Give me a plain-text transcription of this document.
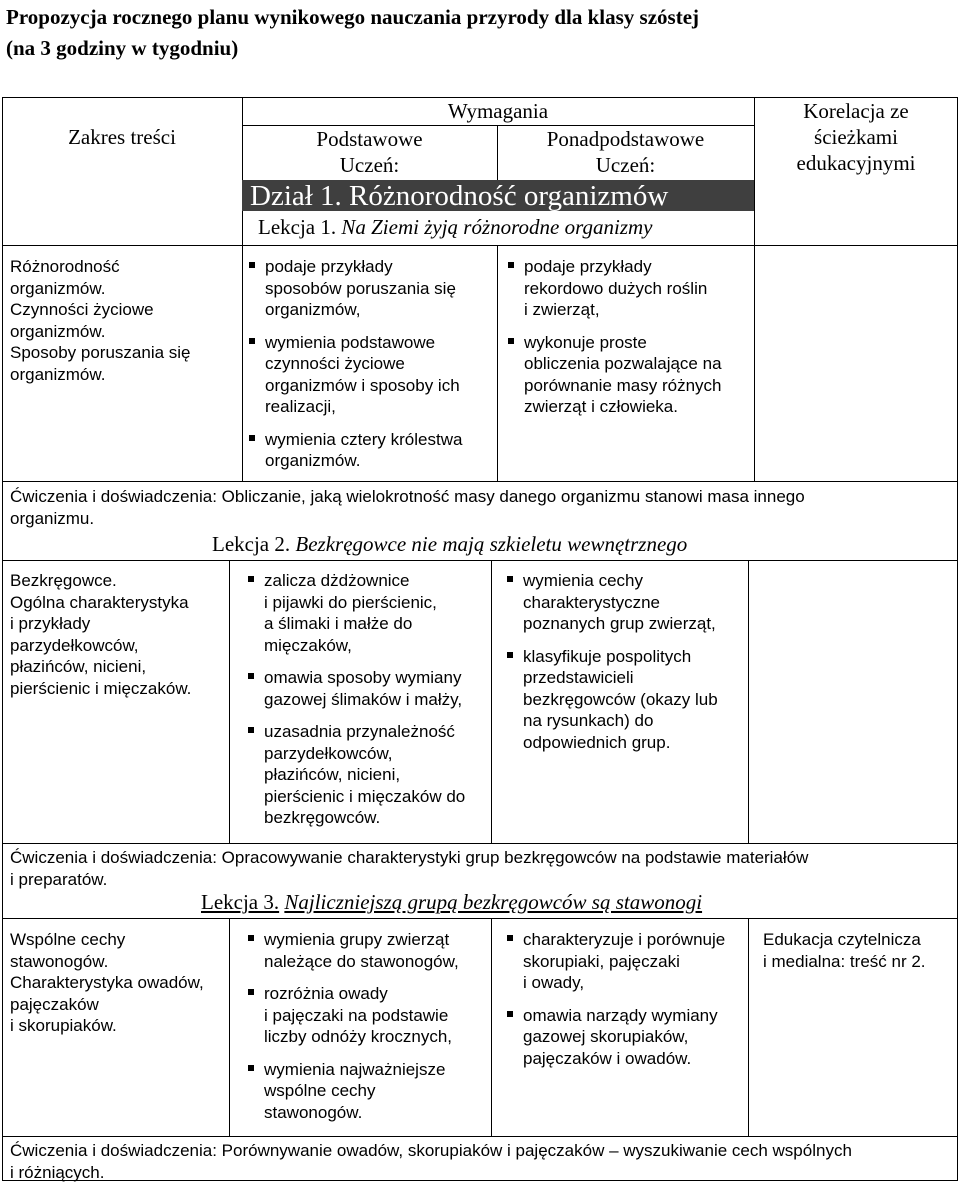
Propozycja rocznego planu wynikowego nauczania przyrody dla klasy szóstej
(na 3 godziny w tygodniu)
Zakres treści
Wymagania
Podstawowe
Uczeń:
Ponadpodstawowe
Uczeń:
Korelacja ze
ścieżkami
edukacyjnymi
Dział 1. Różnorodność organizmów
Lekcja 1. Na Ziemi żyją różnorodne organizmy
Różnorodność
organizmów.
Czynności życiowe
organizmów.
Sposoby poruszania się
organizmów.
podaje przykłady
sposobów poruszania się
organizmów,
wymienia podstawowe
czynności życiowe
organizmów i sposoby ich
realizacji,
wymienia cztery królestwa
organizmów.
podaje przykłady
rekordowo dużych roślin
i zwierząt,
wykonuje proste
obliczenia pozwalające na
porównanie masy różnych
zwierząt i człowieka.
Ćwiczenia i doświadczenia: Obliczanie, jaką wielokrotność masy danego organizmu stanowi masa innego
organizmu.
Lekcja 2. Bezkręgowce nie mają szkieletu wewnętrznego
Bezkręgowce.
Ogólna charakterystyka
i przykłady
parzydełkowców,
płazińców, nicieni,
pierścienic i mięczaków.
zalicza dżdżownice
i pijawki do pierścienic,
a ślimaki i małże do
mięczaków,
omawia sposoby wymiany
gazowej ślimaków i małży,
uzasadnia przynależność
parzydełkowców,
płazińców, nicieni,
pierścienic i mięczaków do
bezkręgowców.
wymienia cechy
charakterystyczne
poznanych grup zwierząt,
klasyfikuje pospolitych
przedstawicieli
bezkręgowców (okazy lub
na rysunkach) do
odpowiednich grup.
Ćwiczenia i doświadczenia: Opracowywanie charakterystyki grup bezkręgowców na podstawie materiałów
i preparatów.
Lekcja 3. Najliczniejszą grupą bezkręgowców są stawonogi
Wspólne cechy
stawonogów.
Charakterystyka owadów,
pajęczaków
i skorupiaków.
wymienia grupy zwierząt
należące do stawonogów,
rozróżnia owady
i pajęczaki na podstawie
liczby odnóży krocznych,
wymienia najważniejsze
wspólne cechy
stawonogów.
charakteryzuje i porównuje
skorupiaki, pajęczaki
i owady,
omawia narządy wymiany
gazowej skorupiaków,
pajęczaków i owadów.
Edukacja czytelnicza
i medialna: treść nr 2.
Ćwiczenia i doświadczenia: Porównywanie owadów, skorupiaków i pajęczaków – wyszukiwanie cech wspólnych
i różniących.
